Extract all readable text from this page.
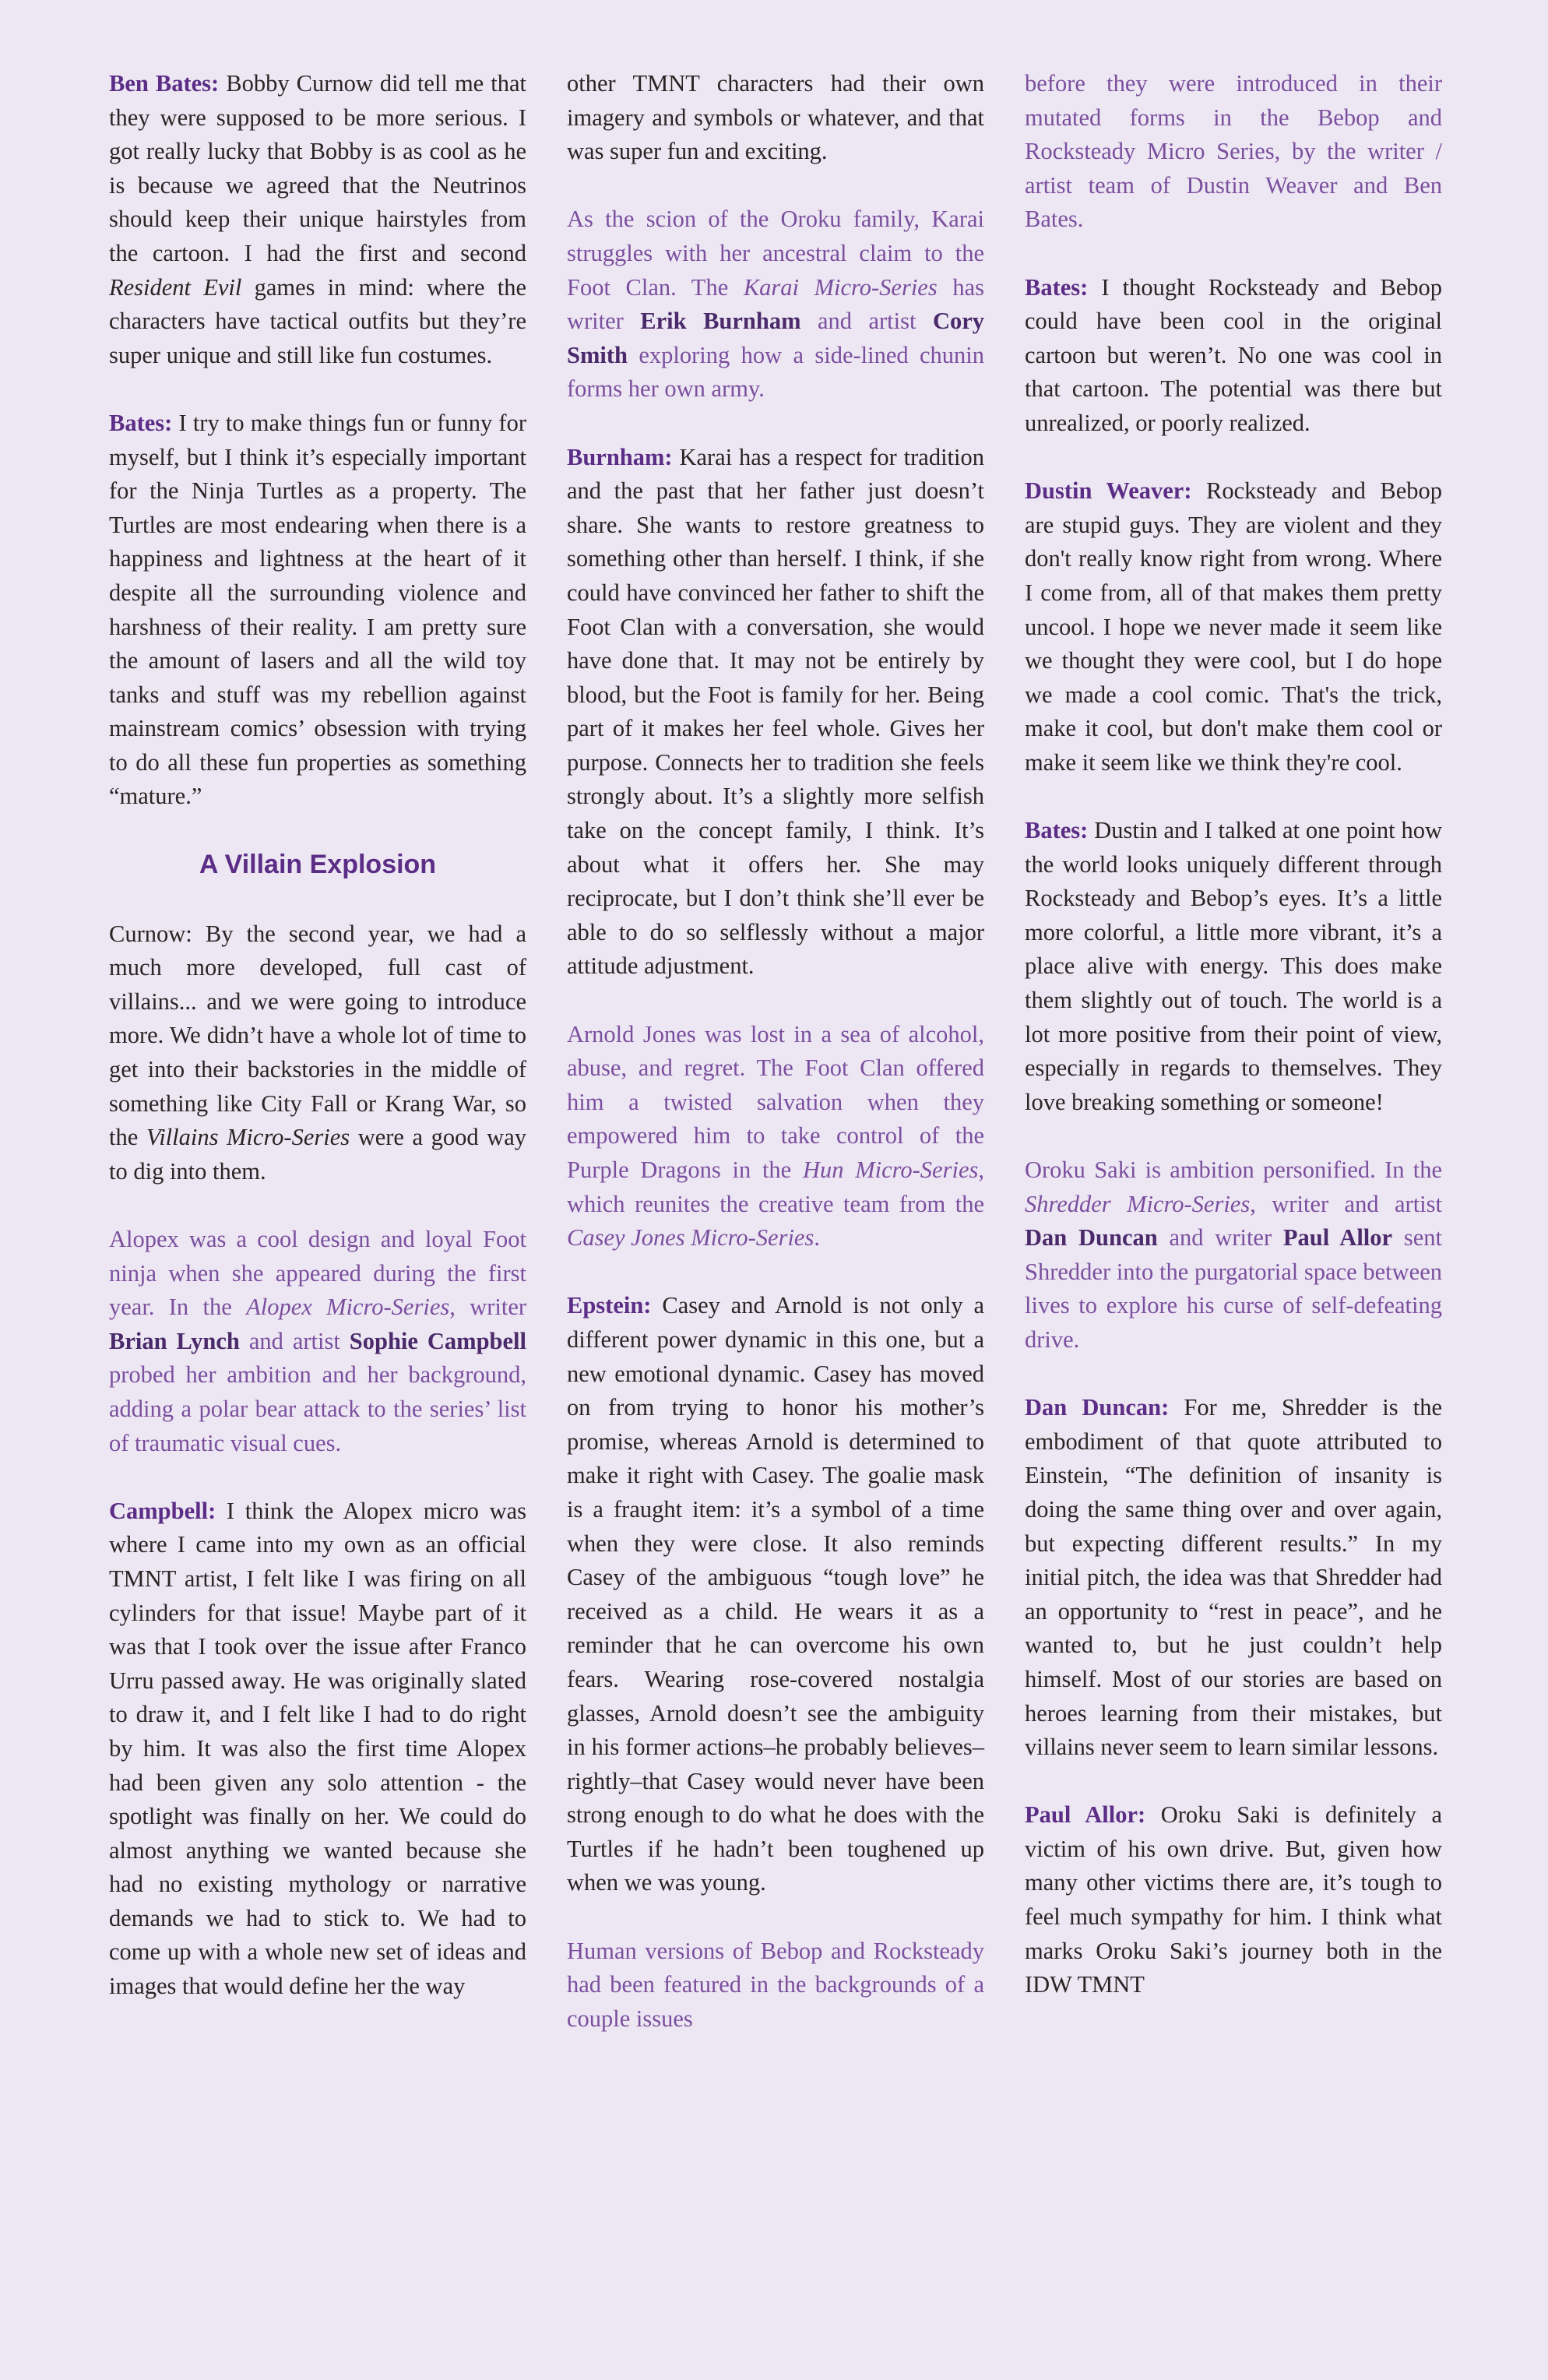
Ben Bates: Bobby Curnow did tell me that they were supposed to be more serious. I got really lucky that Bobby is as cool as he is because we agreed that the Neutrinos should keep their unique hairstyles from the cartoon. I had the first and second Resident Evil games in mind: where the characters have tactical outfits but they’re super unique and still like fun costumes.

Bates: I try to make things fun or funny for myself, but I think it’s especially important for the Ninja Turtles as a property. The Turtles are most endearing when there is a happiness and lightness at the heart of it despite all the surrounding violence and harshness of their reality. I am pretty sure the amount of lasers and all the wild toy tanks and stuff was my rebellion against mainstream comics’ obsession with trying to do all these fun properties as something “mature.”

A Villain Explosion

Curnow: By the second year, we had a much more developed, full cast of villains... and we were going to introduce more. We didn’t have a whole lot of time to get into their backstories in the middle of something like City Fall or Krang War, so the Villains Micro-Series were a good way to dig into them.

Alopex was a cool design and loyal Foot ninja when she appeared during the first year. In the Alopex Micro-Series, writer Brian Lynch and artist Sophie Campbell probed her ambition and her background, adding a polar bear attack to the series’ list of traumatic visual cues.

Campbell: I think the Alopex micro was where I came into my own as an official TMNT artist, I felt like I was firing on all cylinders for that issue! Maybe part of it was that I took over the issue after Franco Urru passed away. He was originally slated to draw it, and I felt like I had to do right by him. It was also the first time Alopex had been given any solo attention - the spotlight was finally on her. We could do almost anything we wanted because she had no existing mythology or narrative demands we had to stick to. We had to come up with a whole new set of ideas and images that would define her the way

other TMNT characters had their own imagery and symbols or whatever, and that was super fun and exciting.

As the scion of the Oroku family, Karai struggles with her ancestral claim to the Foot Clan. The Karai Micro-Series has writer Erik Burnham and artist Cory Smith exploring how a side-lined chunin forms her own army.

Burnham: Karai has a respect for tradition and the past that her father just doesn’t share. She wants to restore greatness to something other than herself. I think, if she could have convinced her father to shift the Foot Clan with a conversation, she would have done that. It may not be entirely by blood, but the Foot is family for her. Being part of it makes her feel whole. Gives her purpose. Connects her to tradition she feels strongly about. It’s a slightly more selfish take on the concept family, I think. It’s about what it offers her. She may reciprocate, but I don’t think she’ll ever be able to do so selflessly without a major attitude adjustment.

Arnold Jones was lost in a sea of alcohol, abuse, and regret. The Foot Clan offered him a twisted salvation when they empowered him to take control of the Purple Dragons in the Hun Micro-Series, which reunites the creative team from the Casey Jones Micro-Series.

Epstein: Casey and Arnold is not only a different power dynamic in this one, but a new emotional dynamic. Casey has moved on from trying to honor his mother’s promise, whereas Arnold is determined to make it right with Casey. The goalie mask is a fraught item: it’s a symbol of a time when they were close. It also reminds Casey of the ambiguous “tough love” he received as a child. He wears it as a reminder that he can overcome his own fears. Wearing rose-covered nostalgia glasses, Arnold doesn’t see the ambiguity in his former actions–he probably believes–rightly–that Casey would never have been strong enough to do what he does with the Turtles if he hadn’t been toughened up when we was young.

Human versions of Bebop and Rocksteady had been featured in the backgrounds of a couple issues

before they were introduced in their mutated forms in the Bebop and Rocksteady Micro Series, by the writer / artist team of Dustin Weaver and Ben Bates.

Bates: I thought Rocksteady and Bebop could have been cool in the original cartoon but weren’t. No one was cool in that cartoon. The potential was there but unrealized, or poorly realized.

Dustin Weaver: Rocksteady and Bebop are stupid guys. They are violent and they don't really know right from wrong. Where I come from, all of that makes them pretty uncool. I hope we never made it seem like we thought they were cool, but I do hope we made a cool comic. That's the trick, make it cool, but don't make them cool or make it seem like we think they're cool.

Bates: Dustin and I talked at one point how the world looks uniquely different through Rocksteady and Bebop’s eyes. It’s a little more colorful, a little more vibrant, it’s a place alive with energy. This does make them slightly out of touch. The world is a lot more positive from their point of view, especially in regards to themselves. They love breaking something or someone!

Oroku Saki is ambition personified. In the Shredder Micro-Series, writer and artist Dan Duncan and writer Paul Allor sent Shredder into the purgatorial space between lives to explore his curse of self-defeating drive.

Dan Duncan: For me, Shredder is the embodiment of that quote attributed to Einstein, “The definition of insanity is doing the same thing over and over again, but expecting different results.” In my initial pitch, the idea was that Shredder had an opportunity to “rest in peace”, and he wanted to, but he just couldn’t help himself. Most of our stories are based on heroes learning from their mistakes, but villains never seem to learn similar lessons.

Paul Allor: Oroku Saki is definitely a victim of his own drive. But, given how many other victims there are, it’s tough to feel much sympathy for him. I think what marks Oroku Saki’s journey both in the IDW TMNT
